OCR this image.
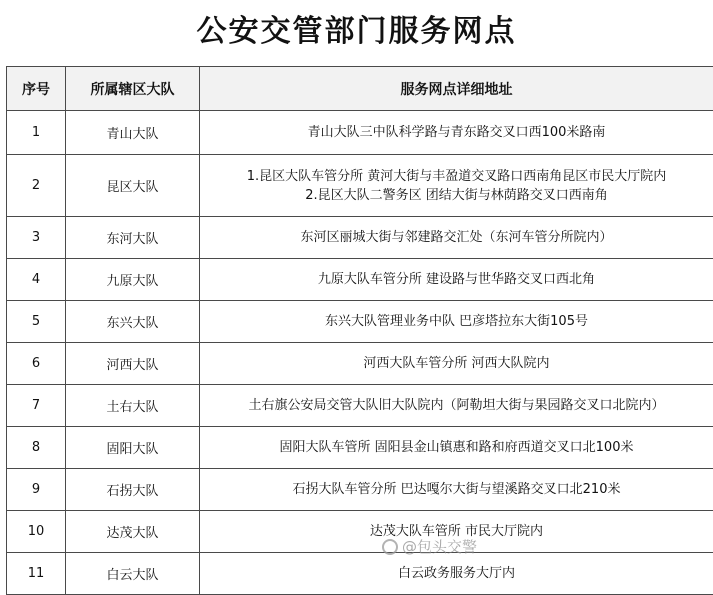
公安交管部门服务网点
序号	所属辖区大队	服务网点详细地址
1	青山大队	青山大队三中队科学路与青东路交叉口西100米路南

2	昆区大队	1.昆区大队车管分所 黄河大街与丰盈道交叉路口西南角昆区市民大厅院内
2.昆区大队二警务区 团结大街与林荫路交叉口西南角

3	东河大队	东河区丽城大街与邻建路交汇处（东河车管分所院内）

4	九原大队	九原大队车管分所 建设路与世华路交叉口西北角

5	东兴大队	东兴大队管理业务中队 巴彦塔拉东大街105号

6	河西大队	河西大队车管分所 河西大队院内

7	土右大队	土右旗公安局交管大队旧大队院内（阿勒坦大街与果园路交叉口北院内）

8	固阳大队	固阳大队车管所 固阳县金山镇惠和路和府西道交叉口北100米

9	石拐大队	石拐大队车管分所 巴达嘎尔大街与望溪路交叉口北210米

10	达茂大队	达茂大队车管所 市民大厅院内

11	白云大队	白云政务服务大厅内
@包头交警
